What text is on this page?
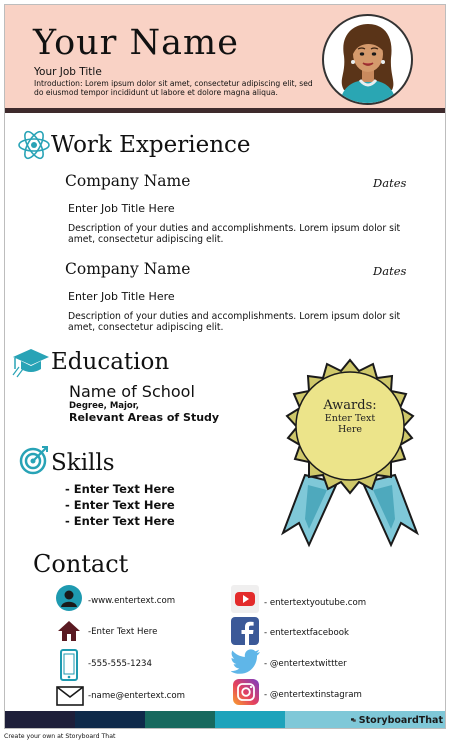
Your Name
Your Job Title
Introduction: Lorem ipsum dolor sit amet, consectetur adipiscing elit, sed do eiusmod tempor incididunt ut labore et dolore magna aliqua.
Work Experience
Company Name	Dates
Enter Job Title Here
Description of your duties and accomplishments. Lorem ipsum dolor sit amet, consectetur adipiscing elit.
Company Name	Dates
Enter Job Title Here
Description of your duties and accomplishments. Lorem ipsum dolor sit amet, consectetur adipiscing elit.
Education
Name of School
Degree, Major,
Relevant Areas of Study
Skills
- Enter Text Here
- Enter Text Here
- Enter Text Here
Awards:
Enter Text
Here
Contact
-www.entertext.com
-Enter Text Here
-555-555-1234
-name@entertext.com
- entertextyoutube.com
- entertextfacebook
- @entertextwittter
- @entertextinstagram
StoryboardThat
Create your own at Storyboard That
